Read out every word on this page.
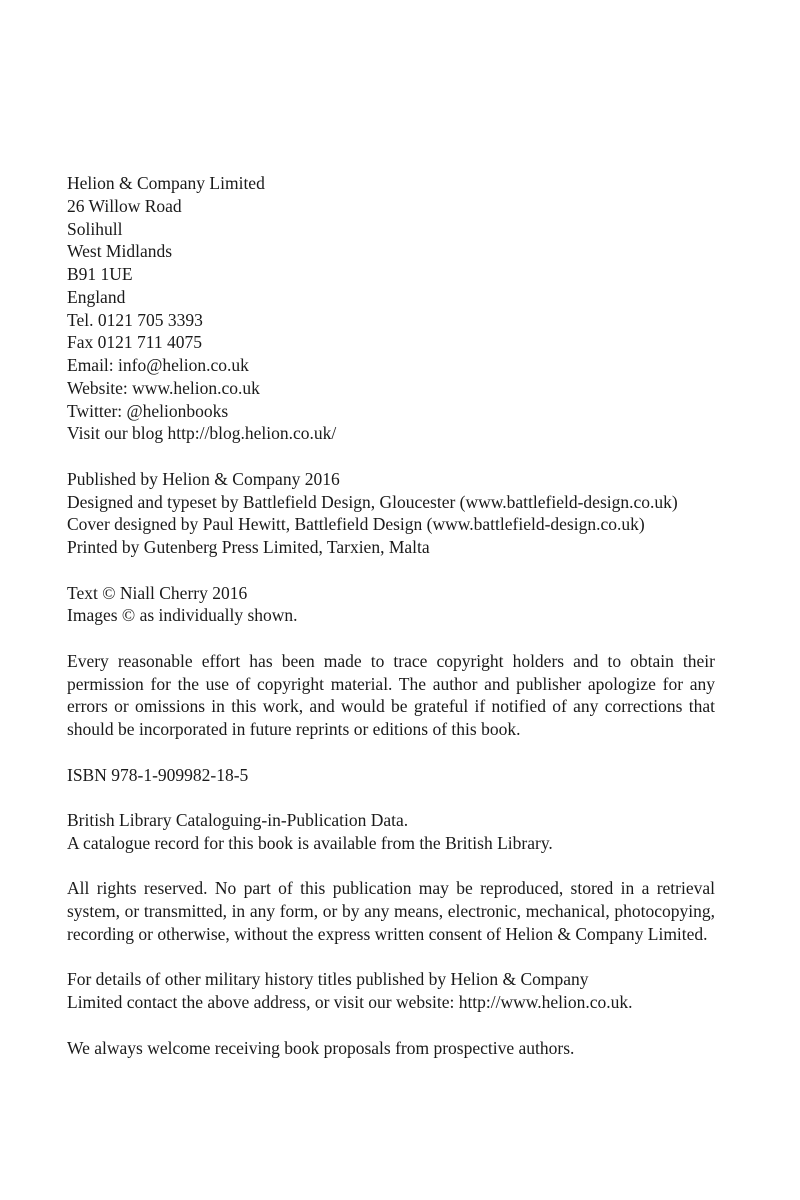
Helion & Company Limited
26 Willow Road
Solihull
West Midlands
B91 1UE
England
Tel. 0121 705 3393
Fax 0121 711 4075
Email: info@helion.co.uk
Website: www.helion.co.uk
Twitter: @helionbooks
Visit our blog http://blog.helion.co.uk/
Published by Helion & Company 2016
Designed and typeset by Battlefield Design, Gloucester (www.battlefield-design.co.uk)
Cover designed by Paul Hewitt, Battlefield Design (www.battlefield-design.co.uk)
Printed by Gutenberg Press Limited, Tarxien, Malta
Text © Niall Cherry 2016
Images © as individually shown.
Every reasonable effort has been made to trace copyright holders and to obtain their permission for the use of copyright material. The author and publisher apologize for any errors or omissions in this work, and would be grateful if notified of any corrections that should be incorporated in future reprints or editions of this book.
ISBN 978-1-909982-18-5
British Library Cataloguing-in-Publication Data.
A catalogue record for this book is available from the British Library.
All rights reserved. No part of this publication may be reproduced, stored in a retrieval system, or transmitted, in any form, or by any means, electronic, mechanical, photocopying, recording or otherwise, without the express written consent of Helion & Company Limited.
For details of other military history titles published by Helion & Company
Limited contact the above address, or visit our website: http://www.helion.co.uk.
We always welcome receiving book proposals from prospective authors.
